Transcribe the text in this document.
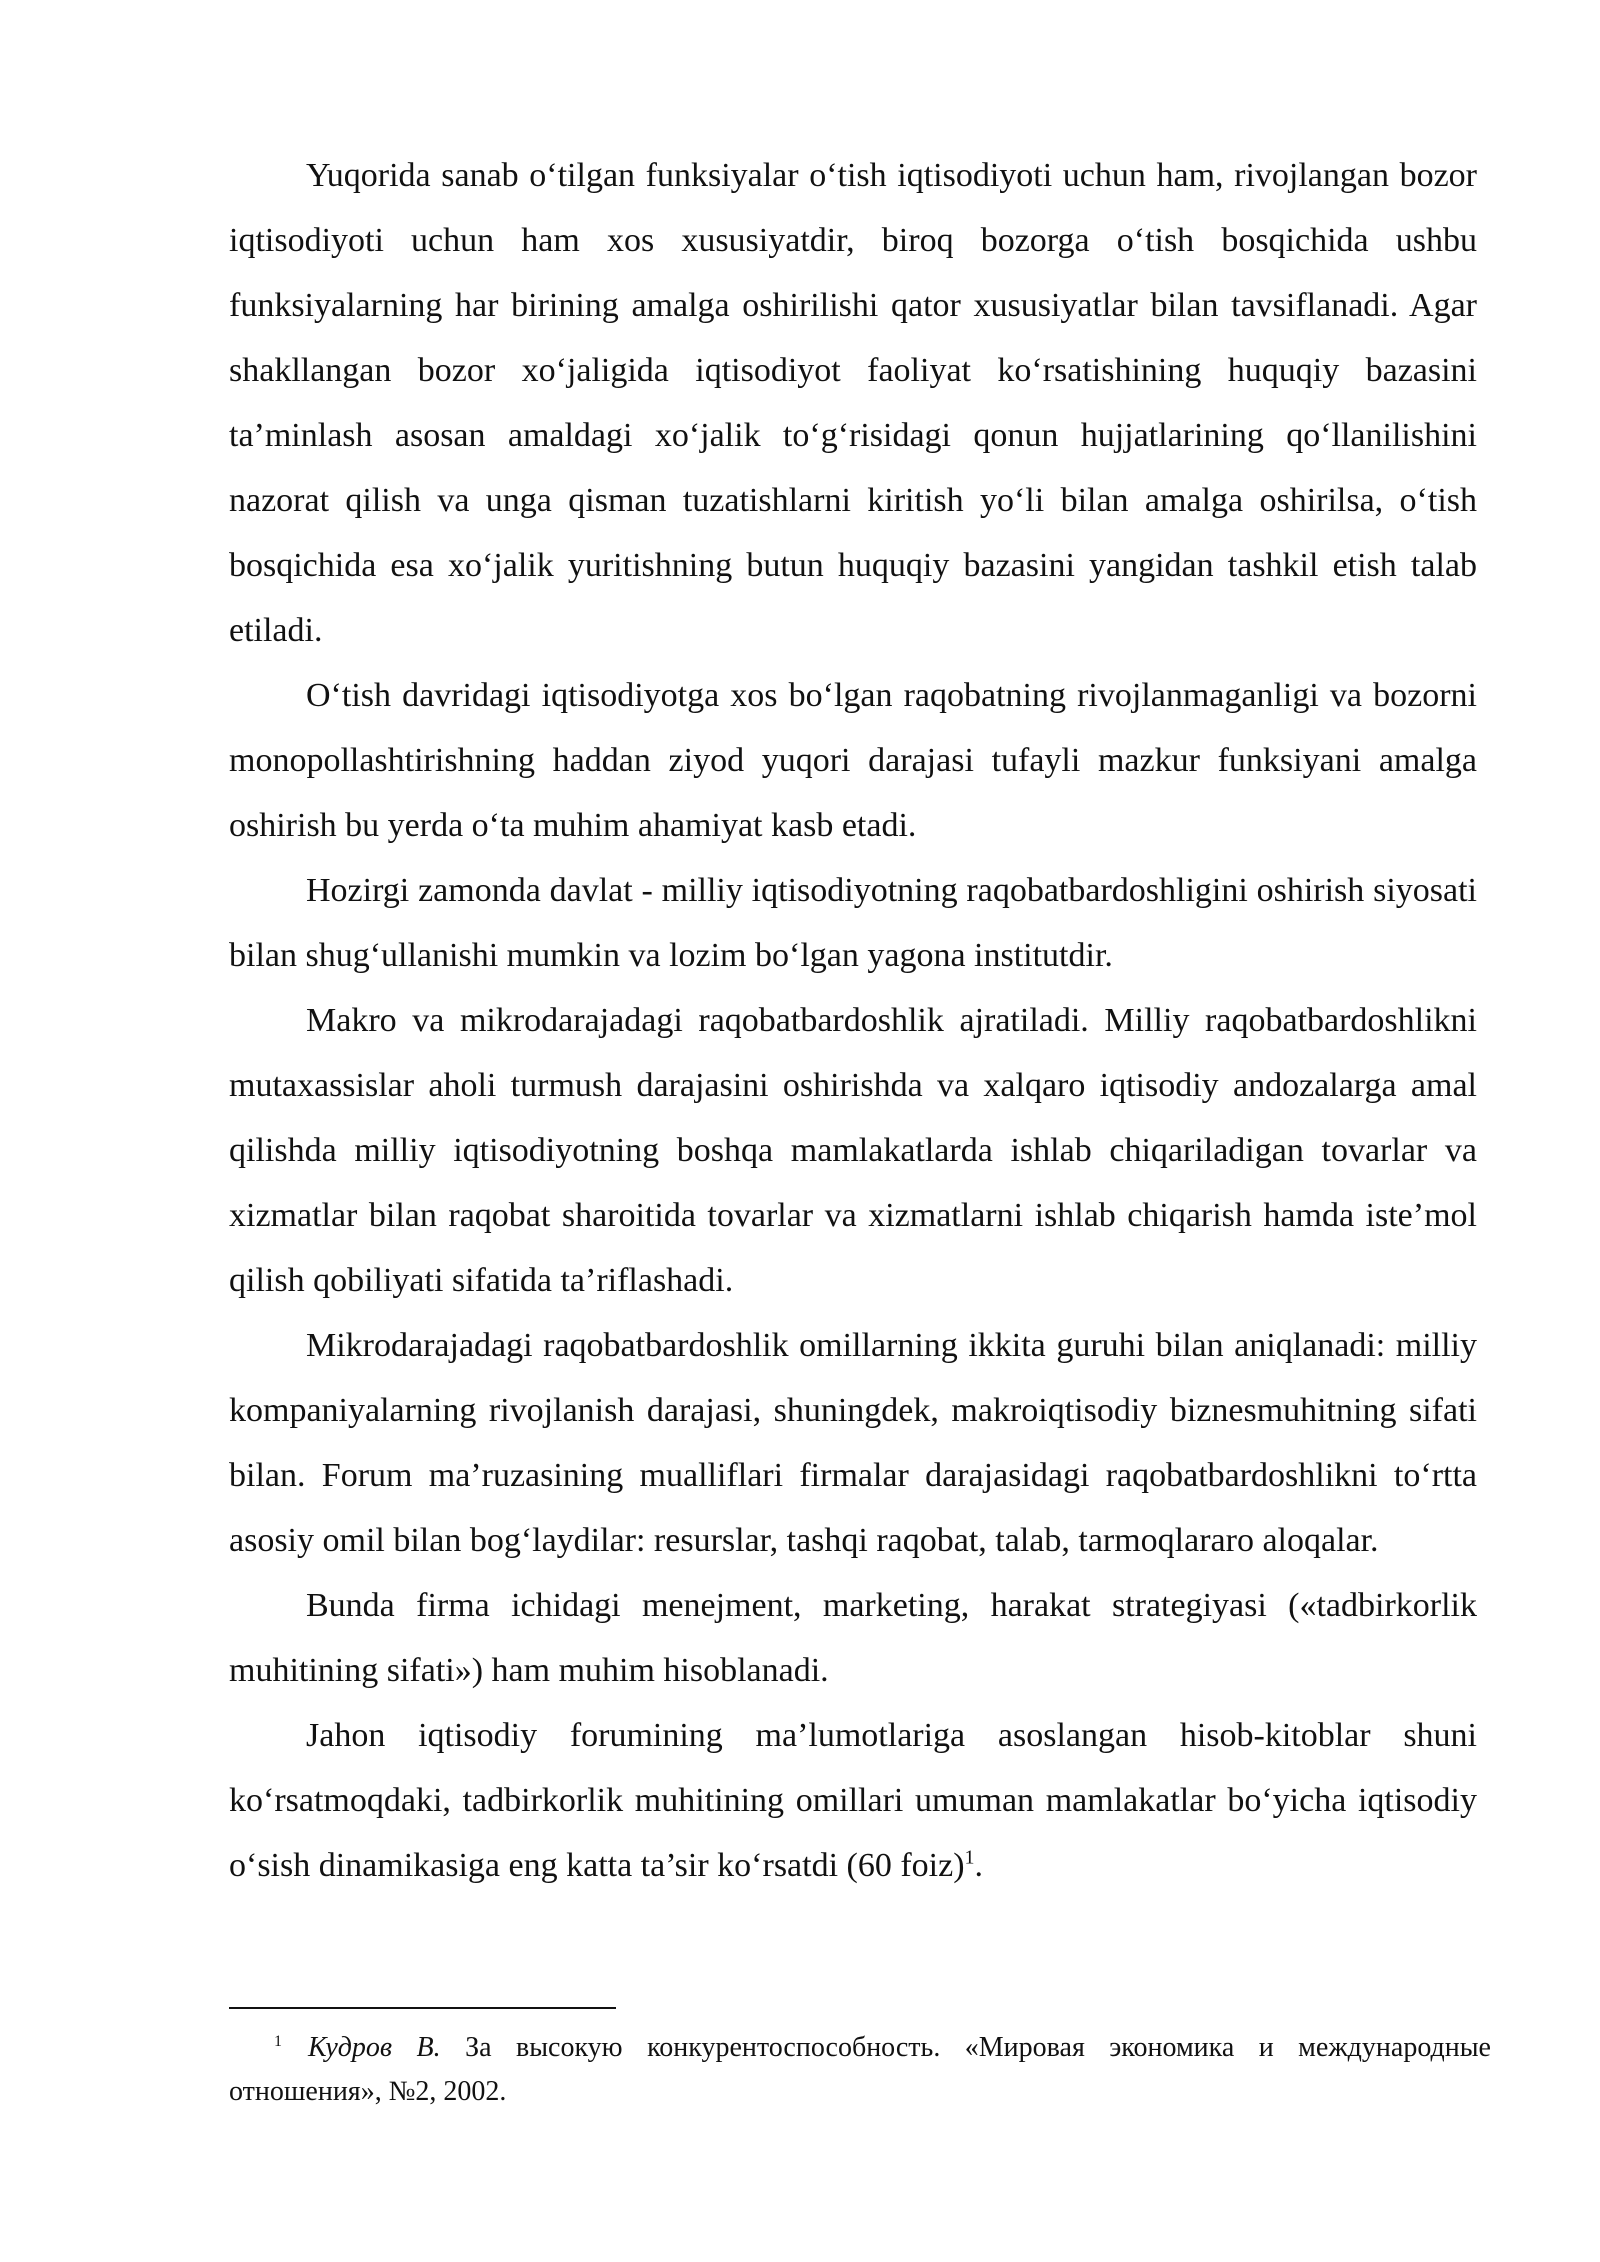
Yuqorida sanab o‘tilgan funksiyalar o‘tish iqtisodiyoti uchun ham, rivojlangan bozor iqtisodiyoti uchun ham xos xususiyatdir, biroq bozorga o‘tish bosqichida ushbu funksiyalarning har birining amalga oshirilishi qator xususiyatlar bilan tavsiflanadi. Agar shakllangan bozor xo‘jaligida iqtisodiyot faoliyat ko‘rsatishining huquqiy bazasini ta’minlash asosan amaldagi xo‘jalik to‘g‘risidagi qonun hujjatlarining qo‘llanilishini nazorat qilish va unga qisman tuzatishlarni kiritish yo‘li bilan amalga oshirilsa, o‘tish bosqichida esa xo‘jalik yuritishning butun huquqiy bazasini yangidan tashkil etish talab etiladi.

O‘tish davridagi iqtisodiyotga xos bo‘lgan raqobatning rivojlanmaganligi va bozorni monopollashtirishning haddan ziyod yuqori darajasi tufayli mazkur funksiyani amalga oshirish bu yerda o‘ta muhim ahamiyat kasb etadi.

Hozirgi zamonda davlat - milliy iqtisodiyotning raqobatbardoshligini oshirish siyosati bilan shug‘ullanishi mumkin va lozim bo‘lgan yagona institutdir.

Makro va mikrodarajadagi raqobatbardoshlik ajratiladi. Milliy raqobatbardoshlikni mutaxassislar aholi turmush darajasini oshirishda va xalqaro iqtisodiy andozalarga amal qilishda milliy iqtisodiyotning boshqa mamlakatlarda ishlab chiqariladigan tovarlar va xizmatlar bilan raqobat sharoitida tovarlar va xizmatlarni ishlab chiqarish hamda iste’mol qilish qobiliyati sifatida ta’riflashadi.

Mikrodarajadagi raqobatbardoshlik omillarning ikkita guruhi bilan aniqlanadi: milliy kompaniyalarning rivojlanish darajasi, shuningdek, makroiqtisodiy biznesmuhitning sifati bilan. Forum ma’ruzasining mualliflari firmalar darajasidagi raqobatbardoshlikni to‘rtta asosiy omil bilan bog‘laydilar: resurslar, tashqi raqobat, talab, tarmoqlararo aloqalar.

Bunda firma ichidagi menejment, marketing, harakat strategiyasi («tadbirkorlik muhitining sifati») ham muhim hisoblanadi.

Jahon iqtisodiy forumining ma’lumotlariga asoslangan hisob-kitoblar shuni ko‘rsatmoqdaki, tadbirkorlik muhitining omillari umuman mamlakatlar bo‘yicha iqtisodiy o‘sish dinamikasiga eng katta ta’sir ko‘rsatdi (60 foiz)$^1$.

$^1$ Кудров В. За высокую конкурентоспособность. «Мировая экономика и международные отношения», №2, 2002.
